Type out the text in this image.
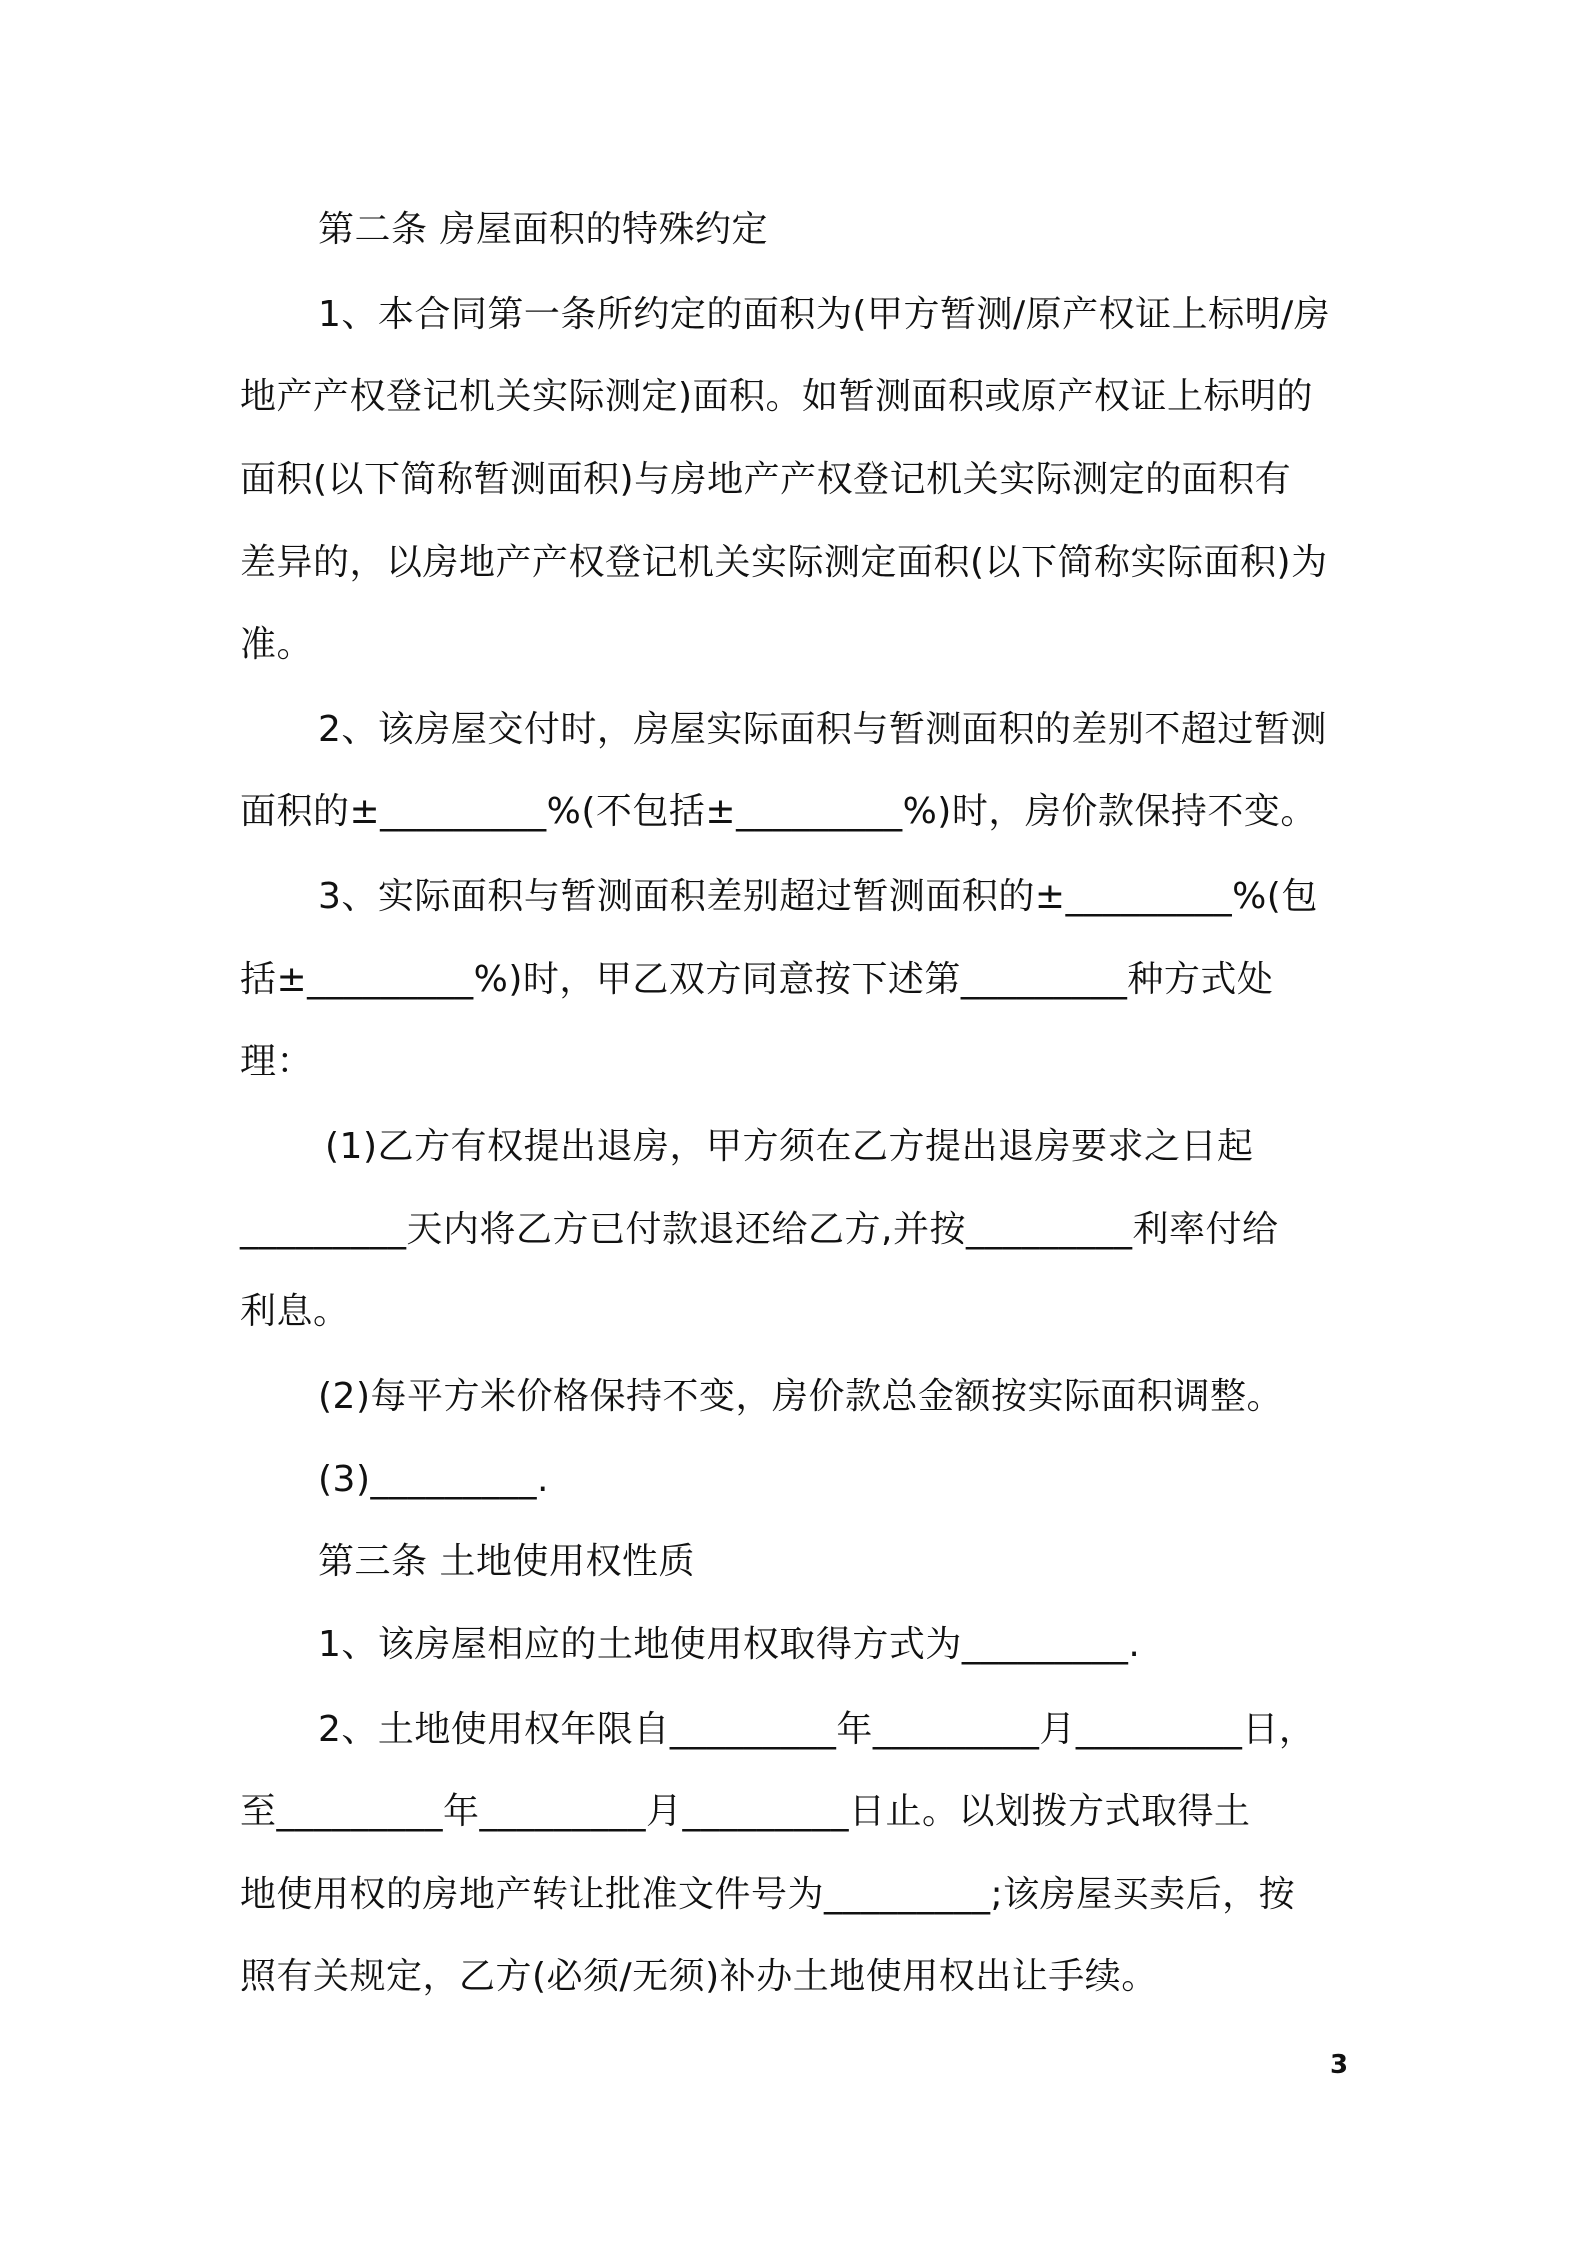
第二条 房屋面积的特殊约定
1、本合同第一条所约定的面积为(甲方暂测/原产权证上标明/房
地产产权登记机关实际测定)面积。如暂测面积或原产权证上标明的
面积(以下简称暂测面积)与房地产产权登记机关实际测定的面积有
差异的，以房地产产权登记机关实际测定面积(以下简称实际面积)为
准。
2、该房屋交付时，房屋实际面积与暂测面积的差别不超过暂测
面积的±_________%(不包括±_________%)时，房价款保持不变。
3、实际面积与暂测面积差别超过暂测面积的±_________%(包
括±_________%)时，甲乙双方同意按下述第_________种方式处
理：
(1)乙方有权提出退房，甲方须在乙方提出退房要求之日起
_________天内将乙方已付款退还给乙方,并按_________利率付给
利息。
(2)每平方米价格保持不变，房价款总金额按实际面积调整。
(3)_________.
第三条 土地使用权性质
1、该房屋相应的土地使用权取得方式为_________.
2、土地使用权年限自_________年_________月_________日，
至_________年_________月_________日止。以划拨方式取得土
地使用权的房地产转让批准文件号为_________;该房屋买卖后，按
照有关规定，乙方(必须/无须)补办土地使用权出让手续。
3
